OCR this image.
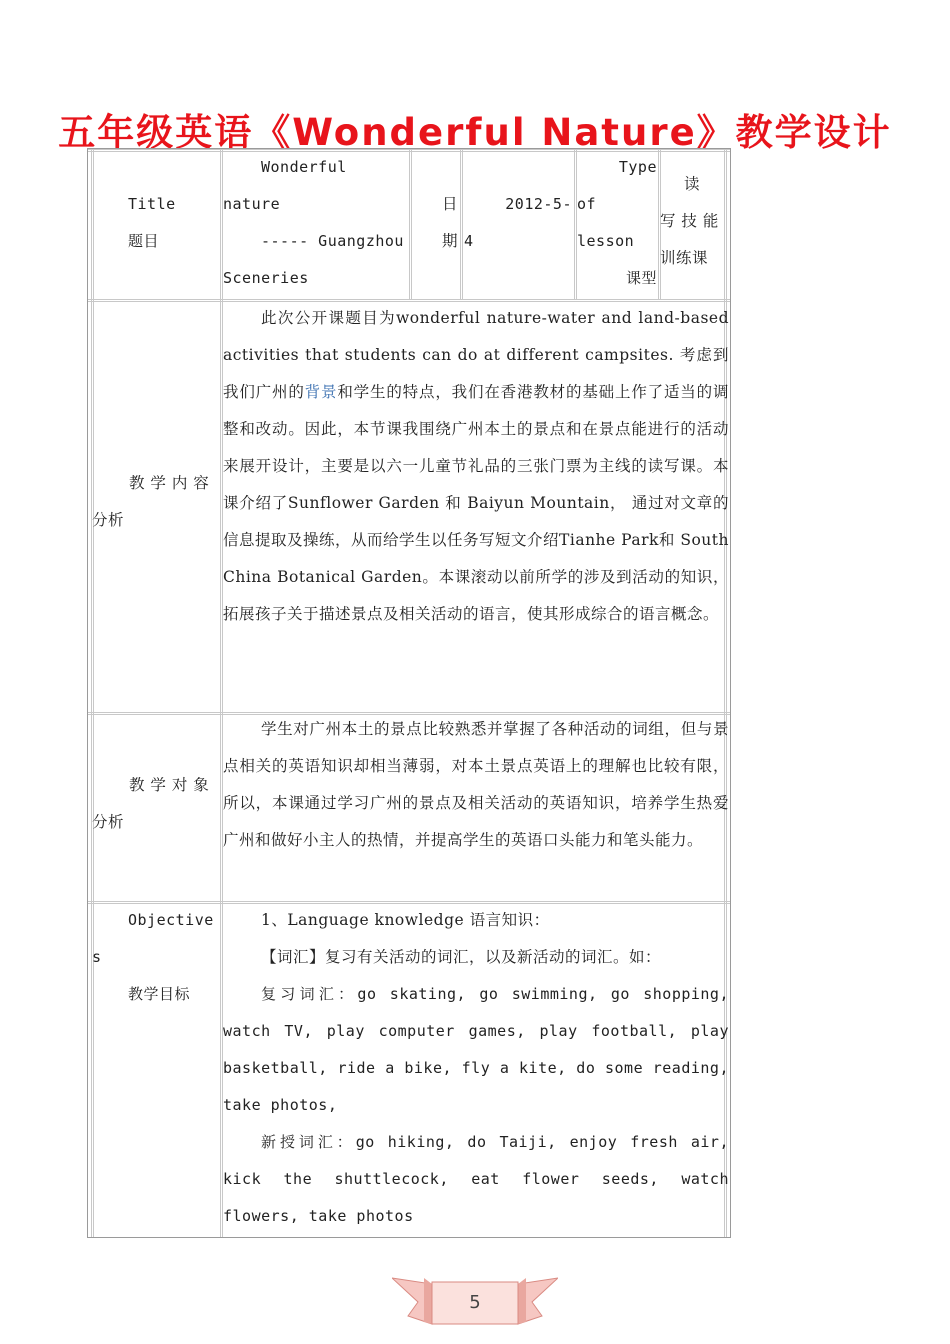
五年级英语《Wonderful Nature》教学设计
Title
题目
Wonderful
nature
----- Guangzhou
Sceneries
日
期
2012-5-
4
Type
of
lesson
课型
读
写 技 能
训练课
教 学 内 容
分析
此次公开课题目为wonderful nature-water and land-based activities that students can do at different campsites. 考虑到我们广州的背景和学生的特点，我们在香港教材的基础上作了适当的调整和改动。因此，本节课我围绕广州本土的景点和在景点能进行的活动来展开设计，主要是以六一儿童节礼品的三张门票为主线的读写课。本课介绍了Sunflower Garden 和 Baiyun Mountain， 通过对文章的信息提取及操练，从而给学生以任务写短文介绍Tianhe Park和 South China Botanical Garden。本课滚动以前所学的涉及到活动的知识，拓展孩子关于描述景点及相关活动的语言，使其形成综合的语言概念。
教 学 对 象
分析
学生对广州本土的景点比较熟悉并掌握了各种活动的词组，但与景点相关的英语知识却相当薄弱，对本土景点英语上的理解也比较有限，所以，本课通过学习广州的景点及相关活动的英语知识，培养学生热爱广州和做好小主人的热情，并提高学生的英语口头能力和笔头能力。
Objective
s
教学目标
1、Language knowledge 语言知识：
【词汇】复习有关活动的词汇，以及新活动的词汇。如：
复习词汇：go skating, go swimming, go shopping, watch TV, play computer games, play football, play basketball, ride a bike, fly a kite, do some reading, take photos,
新授词汇：go hiking, do Taiji, enjoy fresh air, kick the shuttlecock, eat flower seeds, watch flowers, take photos
5
